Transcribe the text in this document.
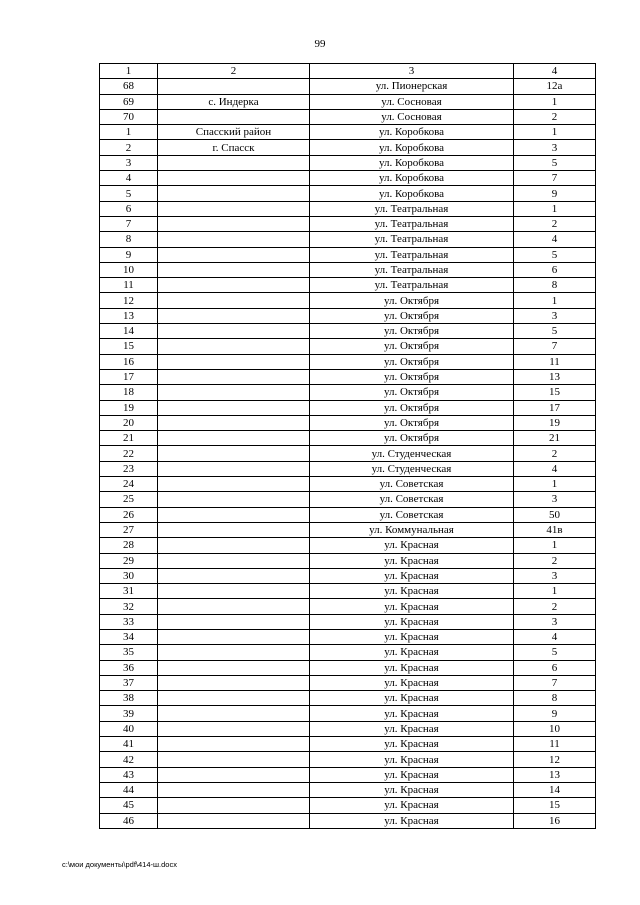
99
1	2	3	4
68		ул. Пионерская	12а
69	с. Индерка	ул. Сосновая	1
70		ул. Сосновая	2
1	Спасский район	ул. Коробкова	1
2	г. Спасск	ул. Коробкова	3
3		ул. Коробкова	5
4		ул. Коробкова	7
5		ул. Коробкова	9
6		ул. Театральная	1
7		ул. Театральная	2
8		ул. Театральная	4
9		ул. Театральная	5
10		ул. Театральная	6
11		ул. Театральная	8
12		ул. Октября	1
13		ул. Октября	3
14		ул. Октября	5
15		ул. Октября	7
16		ул. Октября	11
17		ул. Октября	13
18		ул. Октября	15
19		ул. Октября	17
20		ул. Октября	19
21		ул. Октября	21
22		ул. Студенческая	2
23		ул. Студенческая	4
24		ул. Советская	1
25		ул. Советская	3
26		ул. Советская	50
27		ул. Коммунальная	41в
28		ул. Красная	1
29		ул. Красная	2
30		ул. Красная	3
31		ул. Красная	1
32		ул. Красная	2
33		ул. Красная	3
34		ул. Красная	4
35		ул. Красная	5
36		ул. Красная	6
37		ул. Красная	7
38		ул. Красная	8
39		ул. Красная	9
40		ул. Красная	10
41		ул. Красная	11
42		ул. Красная	12
43		ул. Красная	13
44		ул. Красная	14
45		ул. Красная	15
46		ул. Красная	16
c:\мои документы\pdf\414-ш.docx
